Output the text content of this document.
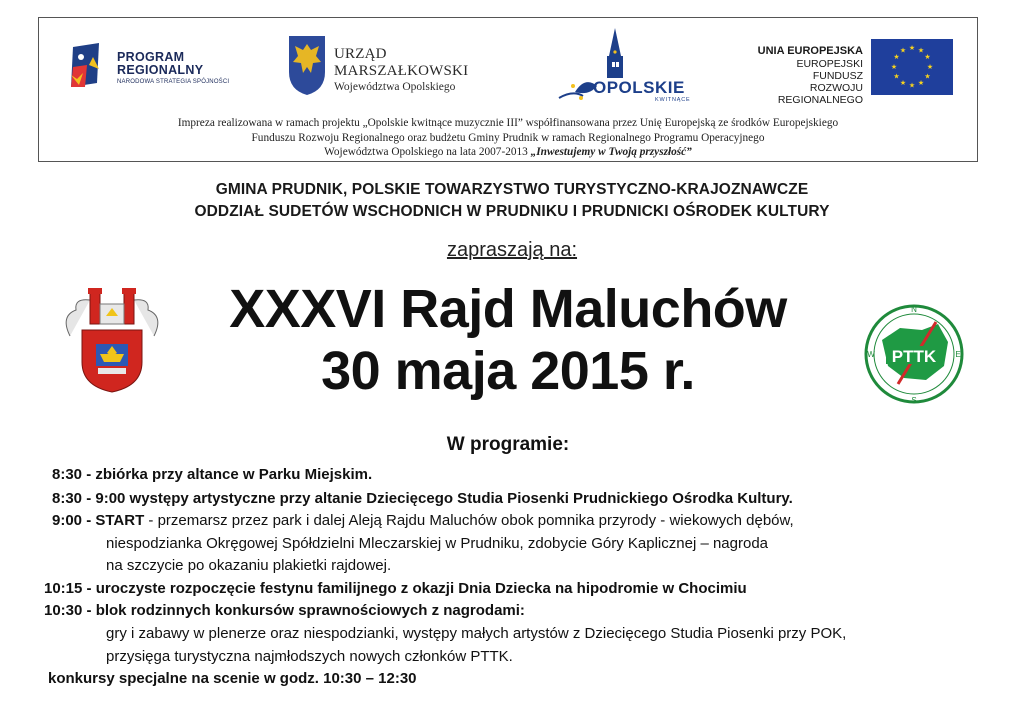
PROGRAM
REGIONALNY
NARODOWA STRATEGIA SPÓJNOŚCI
URZĄD MARSZAŁKOWSKI
Województwa Opolskiego	OPOLSKIE
KWITNĄCE
UNIA EUROPEJSKA
EUROPEJSKI FUNDUSZ
ROZWOJU REGIONALNEGO
★ ★
★
★
★
★
★
★
★
★
★
★
Impreza realizowana w ramach projektu „Opolskie kwitnące muzycznie III” współfinansowana przez Unię Europejską ze środków Europejskiego
Funduszu Rozwoju Regionalnego oraz budżetu Gminy Prudnik w ramach Regionalnego Programu Operacyjnego
Województwa Opolskiego na lata 2007-2013 „Inwestujemy w Twoją przyszłość”
GMINA PRUDNIK, POLSKIE TOWARZYSTWO TURYSTYCZNO-KRAJOZNAWCZE
ODDZIAŁ SUDETÓW WSCHODNICH W PRUDNIKU I PRUDNICKI OŚRODEK KULTURY
zapraszają na:
XXXVI Rajd Maluchów
30 maja 2015 r.	PTTK
N
S
W	E
W programie:
8:30 - zbiórka przy altance w Parku Miejskim.
8:30 - 9:00 występy artystyczne przy altanie Dziecięcego Studia Piosenki Prudnickiego Ośrodka Kultury.
9:00 - START - przemarsz przez park i dalej Aleją Rajdu Maluchów obok pomnika przyrody - wiekowych dębów,
niespodzianka Okręgowej Spółdzielni Mleczarskiej w Prudniku, zdobycie Góry Kaplicznej – nagroda
na szczycie po okazaniu plakietki rajdowej.
10:15 - uroczyste rozpoczęcie festynu familijnego z okazji Dnia Dziecka na hipodromie w Chocimiu
10:30 - blok rodzinnych konkursów sprawnościowych z nagrodami:
gry i zabawy w plenerze oraz niespodzianki, występy małych artystów z Dziecięcego Studia Piosenki przy POK,
przysięga turystyczna najmłodszych nowych członków PTTK.
konkursy specjalne na scenie w godz. 10:30 – 12:30
